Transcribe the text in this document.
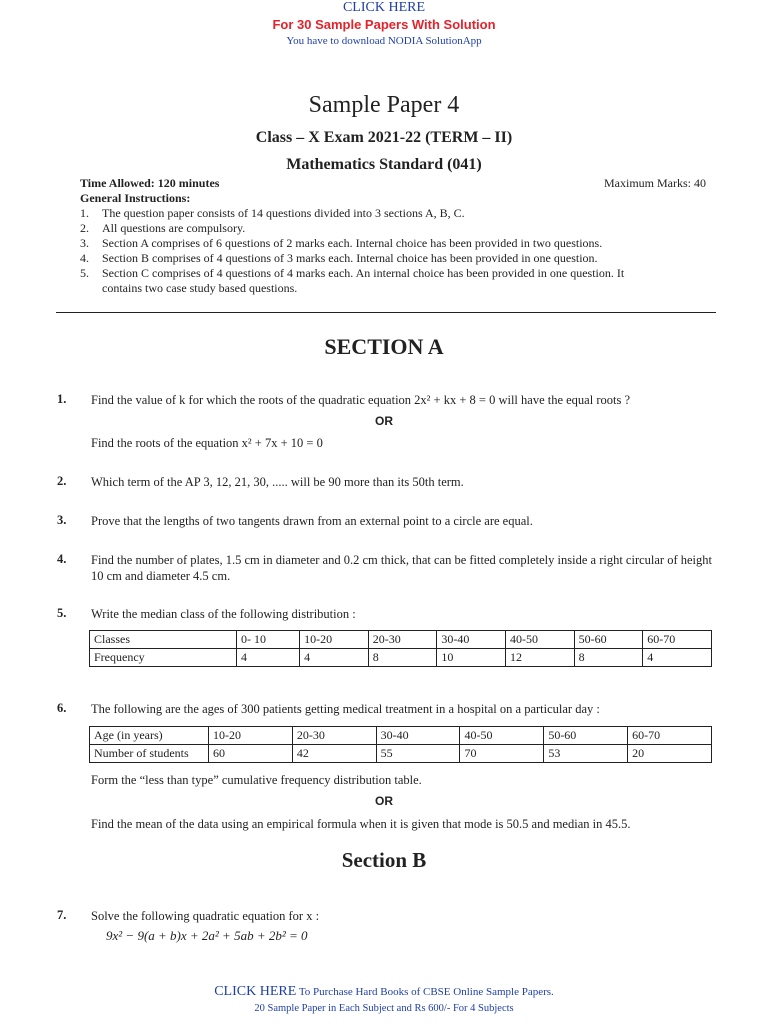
CLICK HERE
For 30 Sample Papers With Solution
You have to download NODIA SolutionApp
Sample Paper 4
Class – X Exam 2021-22 (TERM – II)
Mathematics Standard (041)
Time Allowed: 120 minutes	Maximum Marks: 40
General Instructions:
1.	The question paper consists of 14 questions divided into 3 sections A, B, C.
2.	All questions are compulsory.
3.	Section A comprises of 6 questions of 2 marks each. Internal choice has been provided in two questions.
4.	Section B comprises of 4 questions of 3 marks each. Internal choice has been provided in one question.
5.	Section C comprises of 4 questions of 4 marks each. An internal choice has been provided in one question. It
contains two case study based questions.
SECTION A
1. Find the value of k for which the roots of the quadratic equation 2x² + kx + 8 = 0 will have the equal roots ?
OR
Find the roots of the equation x² + 7x + 10 = 0
2. Which term of the AP 3, 12, 21, 30, ..... will be 90 more than its 50th term.
3. Prove that the lengths of two tangents drawn from an external point to a circle are equal.
4. Find the number of plates, 1.5 cm in diameter and 0.2 cm thick, that can be fitted completely inside a right circular of height 10 cm and diameter 4.5 cm.
5. Write the median class of the following distribution :
Classes	0- 10	10-20	20-30	30-40	40-50	50-60	60-70
Frequency	4	4	8	10	12	8	4
6. The following are the ages of 300 patients getting medical treatment in a hospital on a particular day :
Age (in years)	10-20	20-30	30-40	40-50	50-60	60-70
Number of students	60	42	55	70	53	20
Form the “less than type” cumulative frequency distribution table.
OR
Find the mean of the data using an empirical formula when it is given that mode is 50.5 and median in 45.5.
Section B
7. Solve the following quadratic equation for x :
9x² − 9(a + b)x + 2a² + 5ab + 2b² = 0
CLICK HERE To Purchase Hard Books of CBSE Online Sample Papers.
20 Sample Paper in Each Subject and Rs 600/- For 4 Subjects
